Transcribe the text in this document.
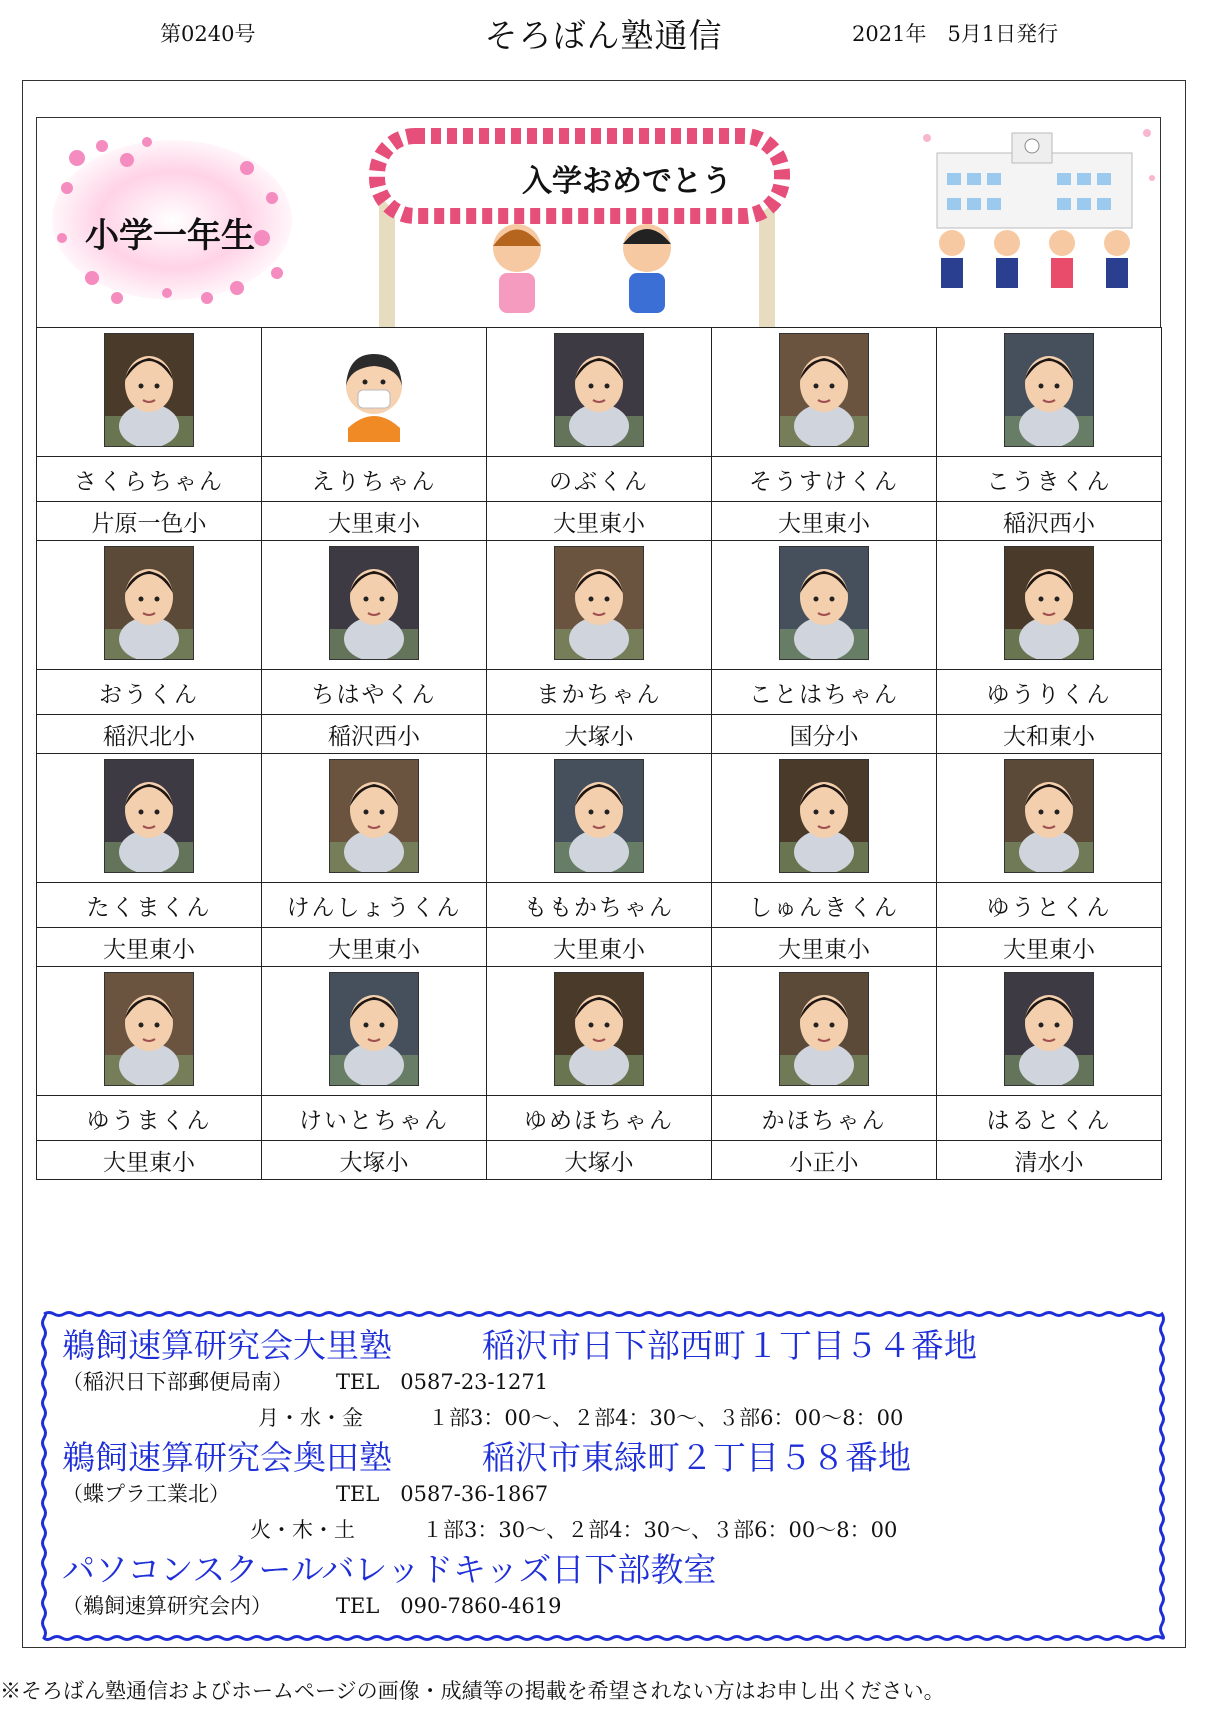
第0240号	そろばん塾通信	2021年　5月1日発行
小学一年生
入学おめでとう

さくらちゃん	えりちゃん	のぶくん	そうすけくん	こうきくん
片原一色小	大里東小	大里東小	大里東小	稲沢西小

おうくん	ちはやくん	まかちゃん	ことはちゃん	ゆうりくん
稲沢北小	稲沢西小	大塚小	国分小	大和東小

たくまくん	けんしょうくん	ももかちゃん	しゅんきくん	ゆうとくん
大里東小	大里東小	大里東小	大里東小	大里東小

ゆうまくん	けいとちゃん	ゆめほちゃん	かほちゃん	はるとくん
大里東小	大塚小	大塚小	小正小	清水小
鵜飼速算研究会大里塾	稲沢市日下部西町１丁目５４番地
（稲沢日下部郵便局南） TEL　0587-23-1271
月・水・金	１部3：00〜、２部4：30〜、３部6：00〜8：00
鵜飼速算研究会奥田塾	稲沢市東緑町２丁目５８番地
（蝶プラ工業北）	TEL　0587-36-1867
火・木・土	１部3：30〜、２部4：30〜、３部6：00〜8：00
パソコンスクールバレッドキッズ日下部教室
（鵜飼速算研究会内）	TEL　090-7860-4619
※そろばん塾通信およびホームページの画像・成績等の掲載を希望されない方はお申し出ください。
